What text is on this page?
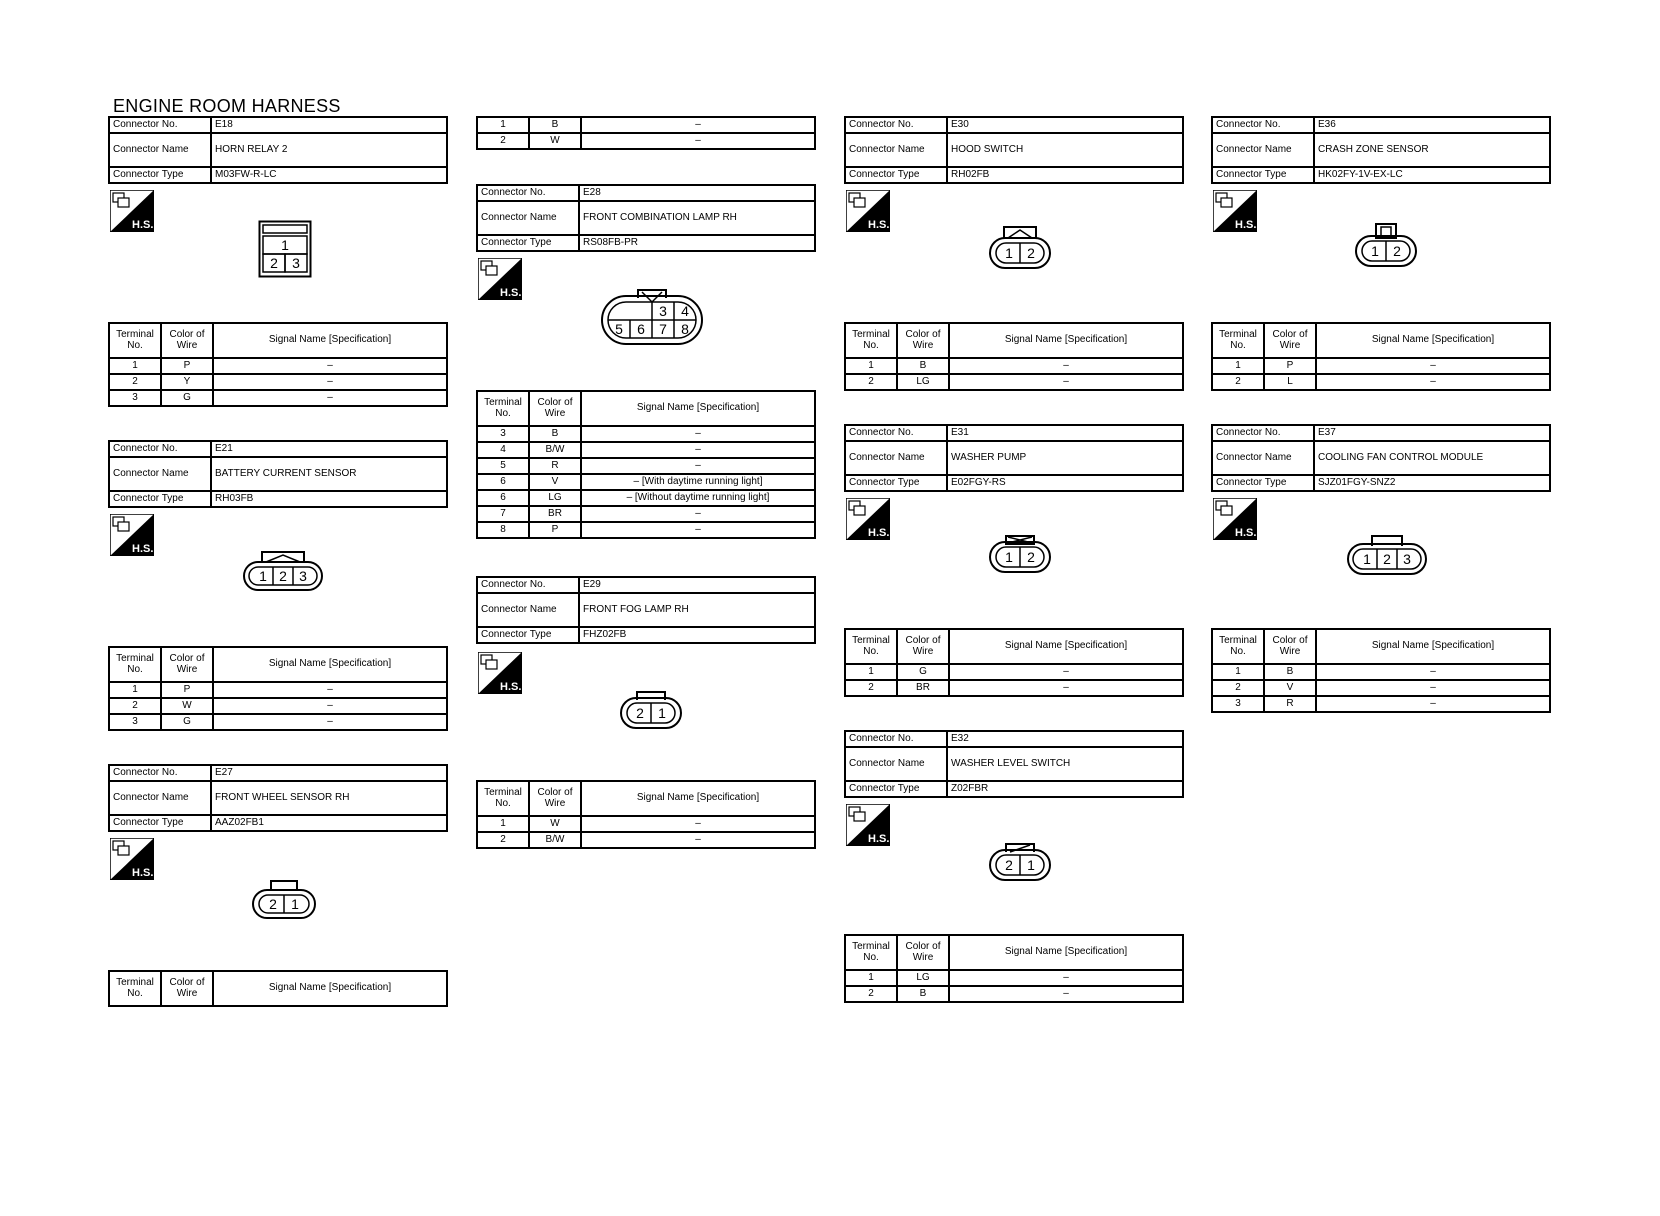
ENGINE ROOM HARNESS
Connector No.	E18
Connector Name	HORN RELAY 2
Connector Type	M03FW-R-LC
H.S.
1
2 3
Terminal No.	Color of Wire	Signal Name [Specification]
1	P	–
2	Y	–
3	G	–
Connector No.	E21
Connector Name	BATTERY CURRENT SENSOR
Connector Type	RH03FB
H.S.
1 2 3
Terminal No.	Color of Wire	Signal Name [Specification]
1	P	–
2	W	–
3	G	–
Connector No.	E27
Connector Name	FRONT WHEEL SENSOR RH
Connector Type	AAZ02FB1
H.S.
2 1
Terminal No.	Color of Wire	Signal Name [Specification]
1	B	–
2	W	–
Connector No.	E28
Connector Name	FRONT COMBINATION LAMP RH
Connector Type	RS08FB-PR
H.S.
3 4
5 6 7 8
Terminal No.	Color of Wire	Signal Name [Specification]
3	B	–
4	B/W	–
5	R	–
6	V	– [With daytime running light]
6	LG	– [Without daytime running light]
7	BR	–
8	P	–
Connector No.	E29
Connector Name	FRONT FOG LAMP RH
Connector Type	FHZ02FB
H.S.
2 1
Terminal No.	Color of Wire	Signal Name [Specification]
1	W	–
2	B/W	–
Connector No.	E30
Connector Name	HOOD SWITCH
Connector Type	RH02FB
H.S.
1 2
Terminal No.	Color of Wire	Signal Name [Specification]
1	B	–
2	LG	–
Connector No.	E31
Connector Name	WASHER PUMP
Connector Type	E02FGY-RS
H.S.
1 2
Terminal No.	Color of Wire	Signal Name [Specification]
1	G	–
2	BR	–
Connector No.	E32
Connector Name	WASHER LEVEL SWITCH
Connector Type	Z02FBR
H.S.
2 1
Terminal No.	Color of Wire	Signal Name [Specification]
1	LG	–
2	B	–
Connector No.	E36
Connector Name	CRASH ZONE SENSOR
Connector Type	HK02FY-1V-EX-LC
H.S.
1 2
Terminal No.	Color of Wire	Signal Name [Specification]
1	P	–
2	L	–
Connector No.	E37
Connector Name	COOLING FAN CONTROL MODULE
Connector Type	SJZ01FGY-SNZ2
H.S.
1 2 3
Terminal No.	Color of Wire	Signal Name [Specification]
1	B	–
2	V	–
3	R	–
